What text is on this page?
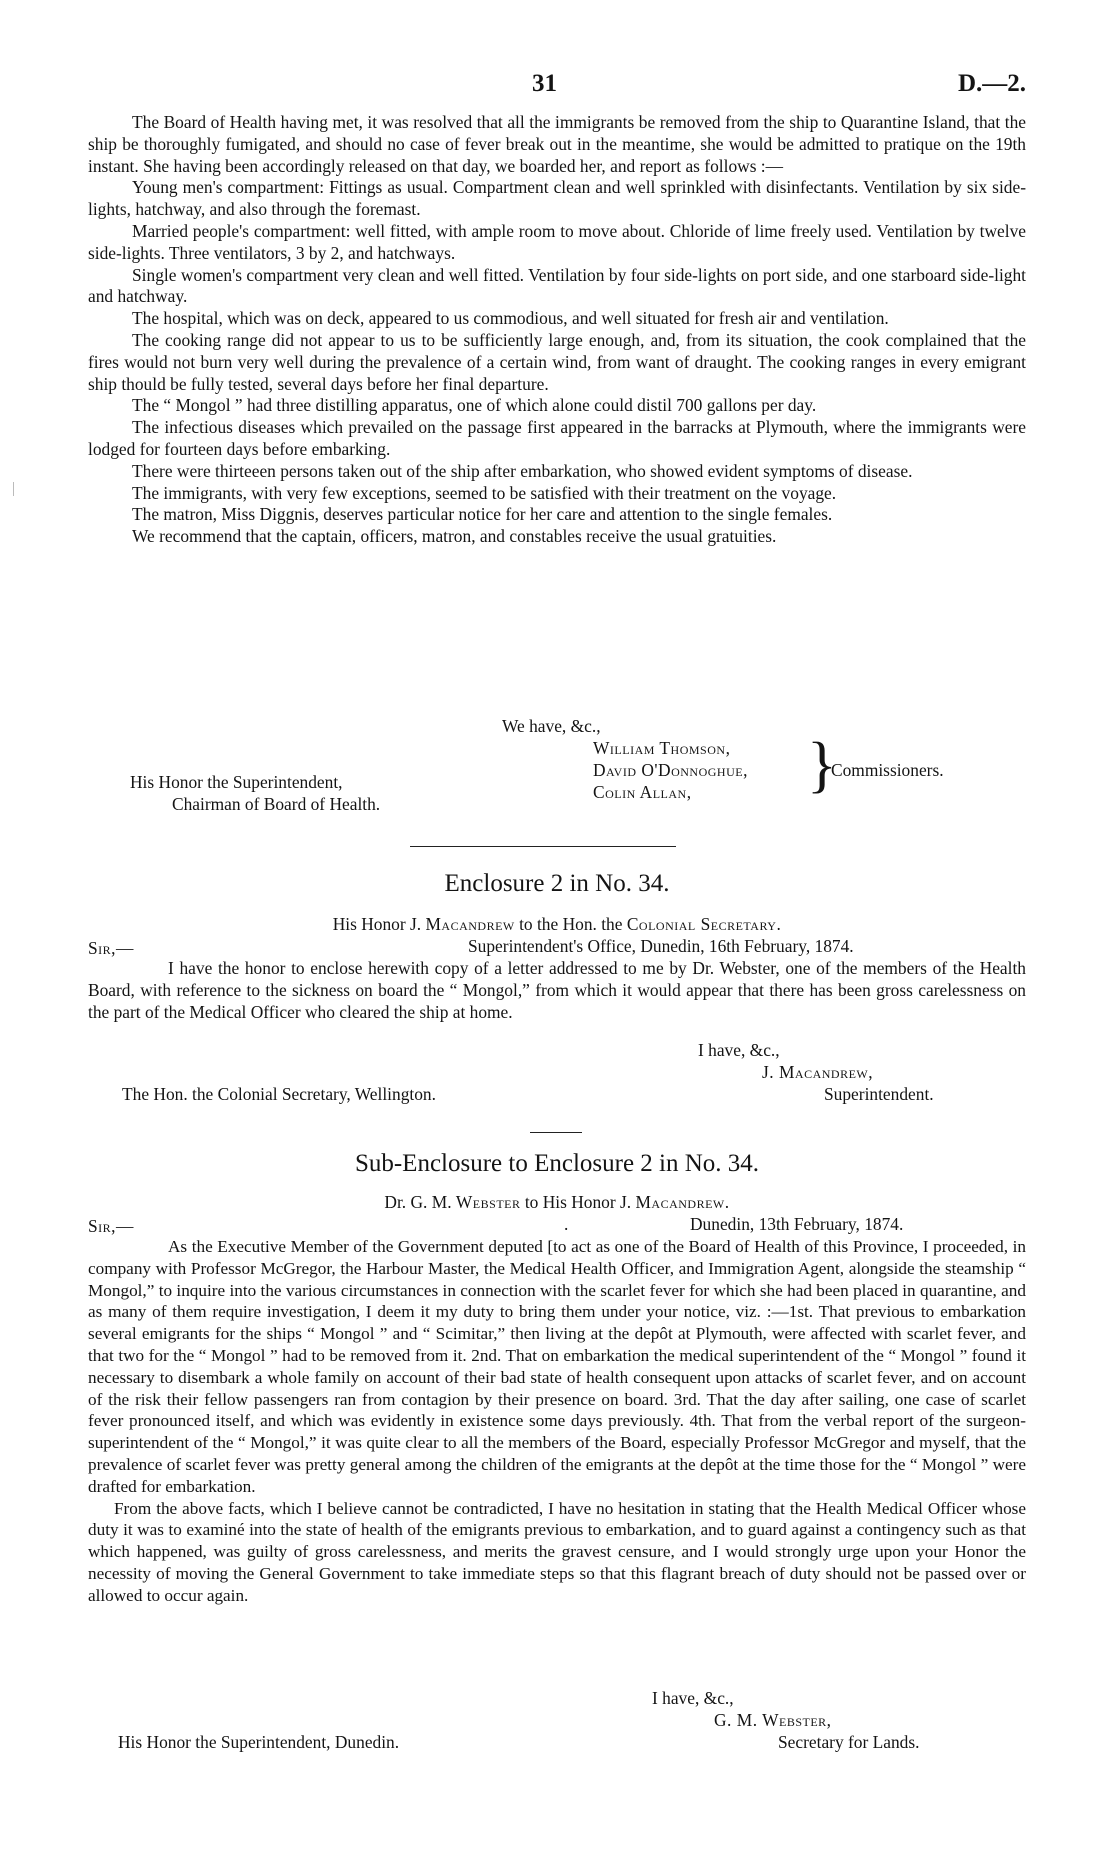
31	D.—2.

The Board of Health having met, it was resolved that all the immigrants be removed from the ship to Quarantine Island, that the ship be thoroughly fumigated, and should no case of fever break out in the meantime, she would be admitted to pratique on the 19th instant. She having been accordingly released on that day, we boarded her, and report as follows :—

Young men's compartment: Fittings as usual. Compartment clean and well sprinkled with disinfectants. Ventilation by six side-lights, hatchway, and also through the foremast.

Married people's compartment: well fitted, with ample room to move about. Chloride of lime freely used. Ventilation by twelve side-lights. Three ventilators, 3 by 2, and hatchways.

Single women's compartment very clean and well fitted. Ventilation by four side-lights on port side, and one starboard side-light and hatchway.

The hospital, which was on deck, appeared to us commodious, and well situated for fresh air and ventilation.

The cooking range did not appear to us to be sufficiently large enough, and, from its situation, the cook complained that the fires would not burn very well during the prevalence of a certain wind, from want of draught. The cooking ranges in every emigrant ship thould be fully tested, several days before her final departure.

The “ Mongol ” had three distilling apparatus, one of which alone could distil 700 gallons per day.

The infectious diseases which prevailed on the passage first appeared in the barracks at Plymouth, where the immigrants were lodged for fourteen days before embarking.

There were thirteeen persons taken out of the ship after embarkation, who showed evident symptoms of disease.

The immigrants, with very few exceptions, seemed to be satisfied with their treatment on the voyage.

The matron, Miss Diggnis, deserves particular notice for her care and attention to the single females.

We recommend that the captain, officers, matron, and constables receive the usual gratuities.

We have, &c.,
William Thomson,
David O'Donnoghue,
Colin Allan, }
Commissioners.
His Honor the Superintendent,
Chairman of Board of Health.
Enclosure 2 in No. 34.
His Honor J. Macandrew to the Hon. the Colonial Secretary.
Sir,—	Superintendent's Office, Dunedin, 16th February, 1874.

I have the honor to enclose herewith copy of a letter addressed to me by Dr. Webster, one of the members of the Health Board, with reference to the sickness on board the “ Mongol,” from which it would appear that there has been gross carelessness on the part of the Medical Officer who cleared the ship at home.

I have, &c.,
J. Macandrew,
Superintendent.
The Hon. the Colonial Secretary, Wellington.
Sub-Enclosure to Enclosure 2 in No. 34.
Dr. G. M. Webster to His Honor J. Macandrew.
Sir,—	.	Dunedin, 13th February, 1874.

As the Executive Member of the Government deputed [to act as one of the Board of Health of this Province, I proceeded, in company with Professor McGregor, the Harbour Master, the Medical Health Officer, and Immigration Agent, alongside the steamship “ Mongol,” to inquire into the various circumstances in connection with the scarlet fever for which she had been placed in quarantine, and as many of them require investigation, I deem it my duty to bring them under your notice, viz. :—1st. That previous to embarkation several emigrants for the ships “ Mongol ” and “ Scimitar,” then living at the depôt at Plymouth, were affected with scarlet fever, and that two for the “ Mongol ” had to be removed from it. 2nd. That on embarkation the medical superintendent of the “ Mongol ” found it necessary to disembark a whole family on account of their bad state of health consequent upon attacks of scarlet fever, and on account of the risk their fellow passengers ran from contagion by their presence on board. 3rd. That the day after sailing, one case of scarlet fever pronounced itself, and which was evidently in existence some days previously. 4th. That from the verbal report of the surgeon-superintendent of the “ Mongol,” it was quite clear to all the members of the Board, especially Professor McGregor and myself, that the prevalence of scarlet fever was pretty general among the children of the emigrants at the depôt at the time those for the “ Mongol ” were drafted for embarkation.

From the above facts, which I believe cannot be contradicted, I have no hesitation in stating that the Health Medical Officer whose duty it was to examiné into the state of health of the emigrants previous to embarkation, and to guard against a contingency such as that which happened, was guilty of gross carelessness, and merits the gravest censure, and I would strongly urge upon your Honor the necessity of moving the General Government to take immediate steps so that this flagrant breach of duty should not be passed over or allowed to occur again.

I have, &c.,
G. M. Webster,
Secretary for Lands.
His Honor the Superintendent, Dunedin.
